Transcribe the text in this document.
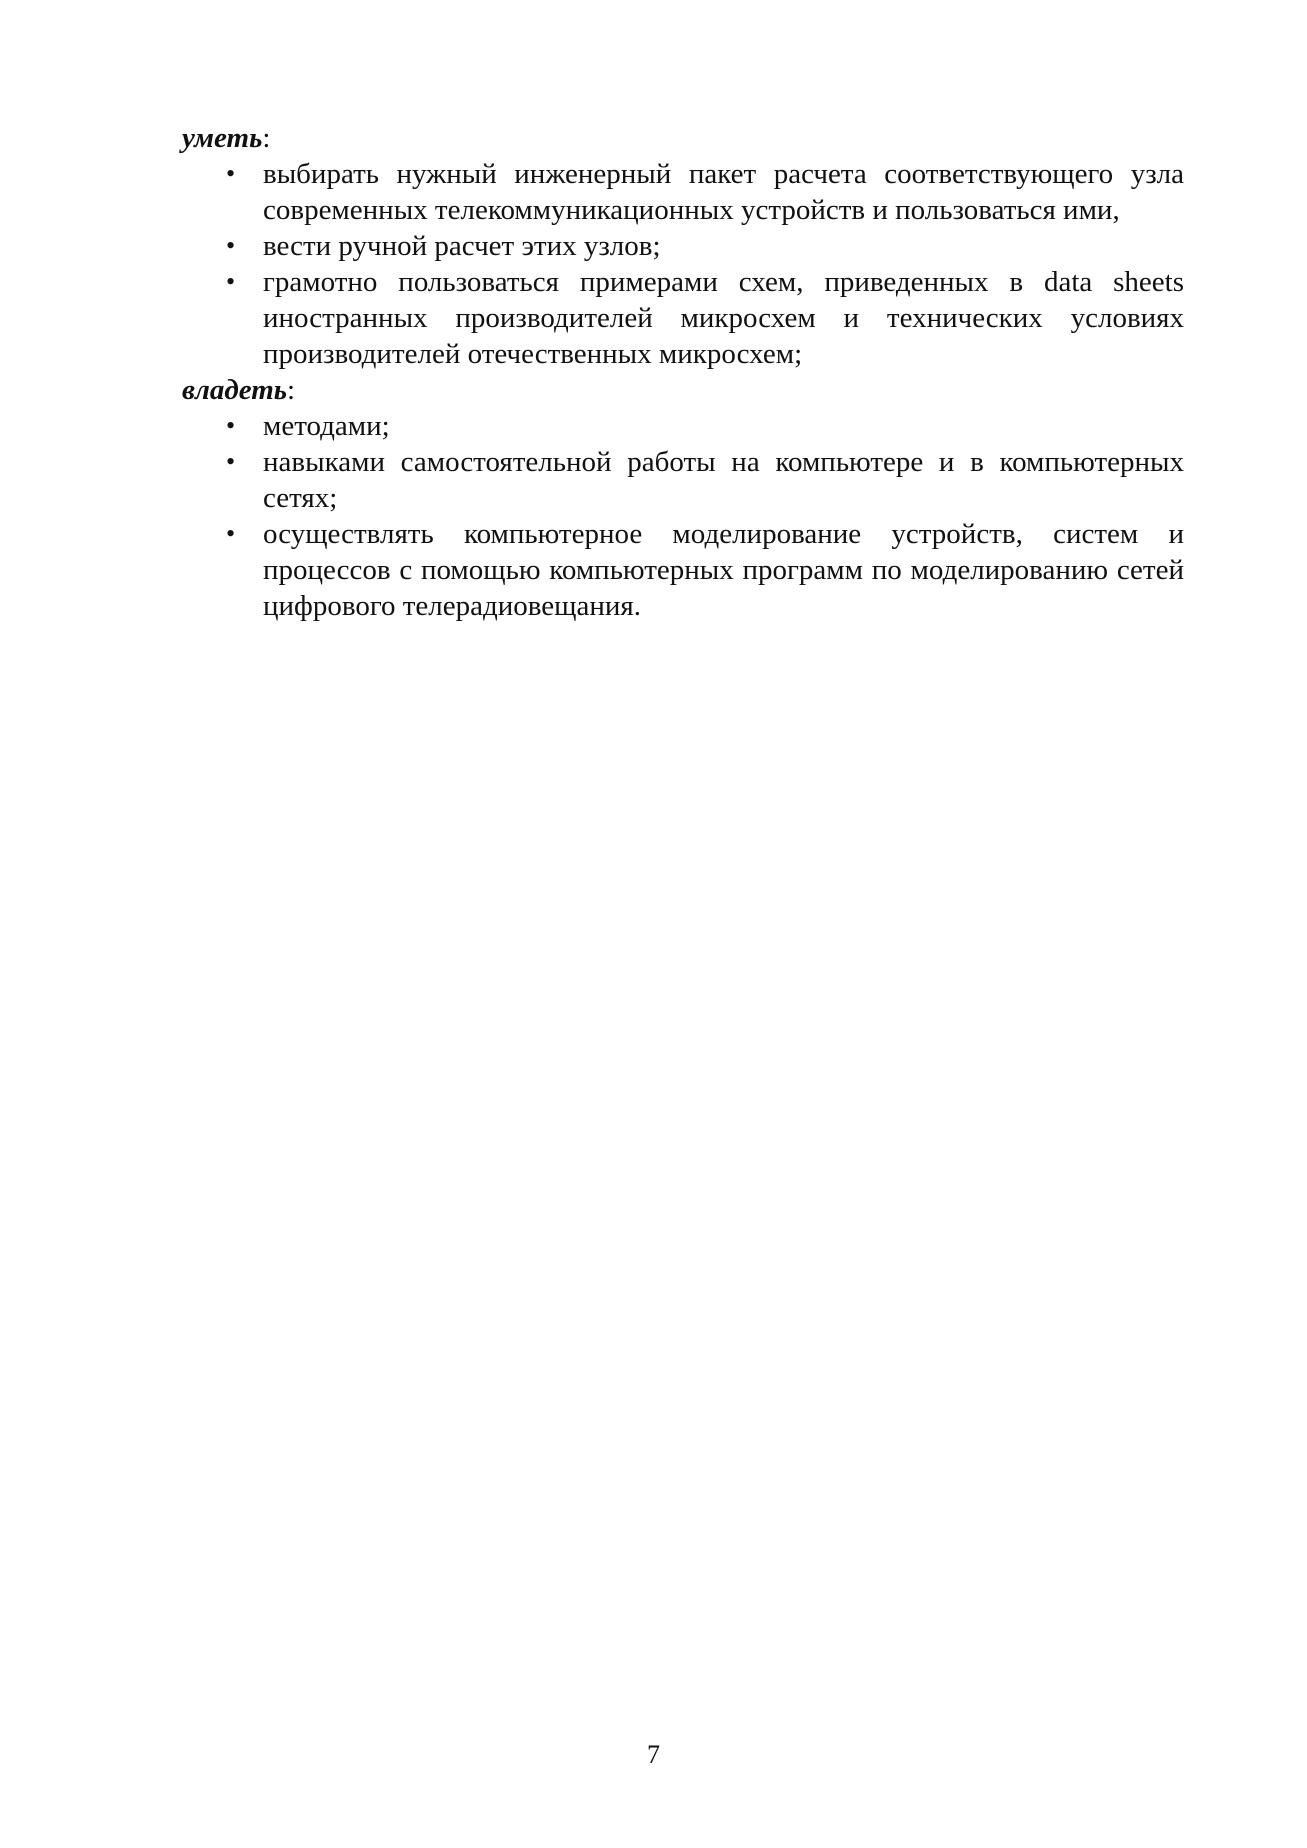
уметь:

• выбирать нужный инженерный пакет расчета соответствующего узла современных телекоммуникационных устройств и пользоваться ими,
• вести ручной расчет этих узлов;
• грамотно пользоваться примерами схем, приведенных в data sheets иностранных производителей микросхем и технических условиях производителей отечественных микросхем;

владеть:

• методами;
• навыками самостоятельной работы на компьютере и в компьютерных сетях;
• осуществлять компьютерное моделирование устройств, систем и процессов с помощью компьютерных программ по моделированию сетей цифрового телерадиовещания.
7
